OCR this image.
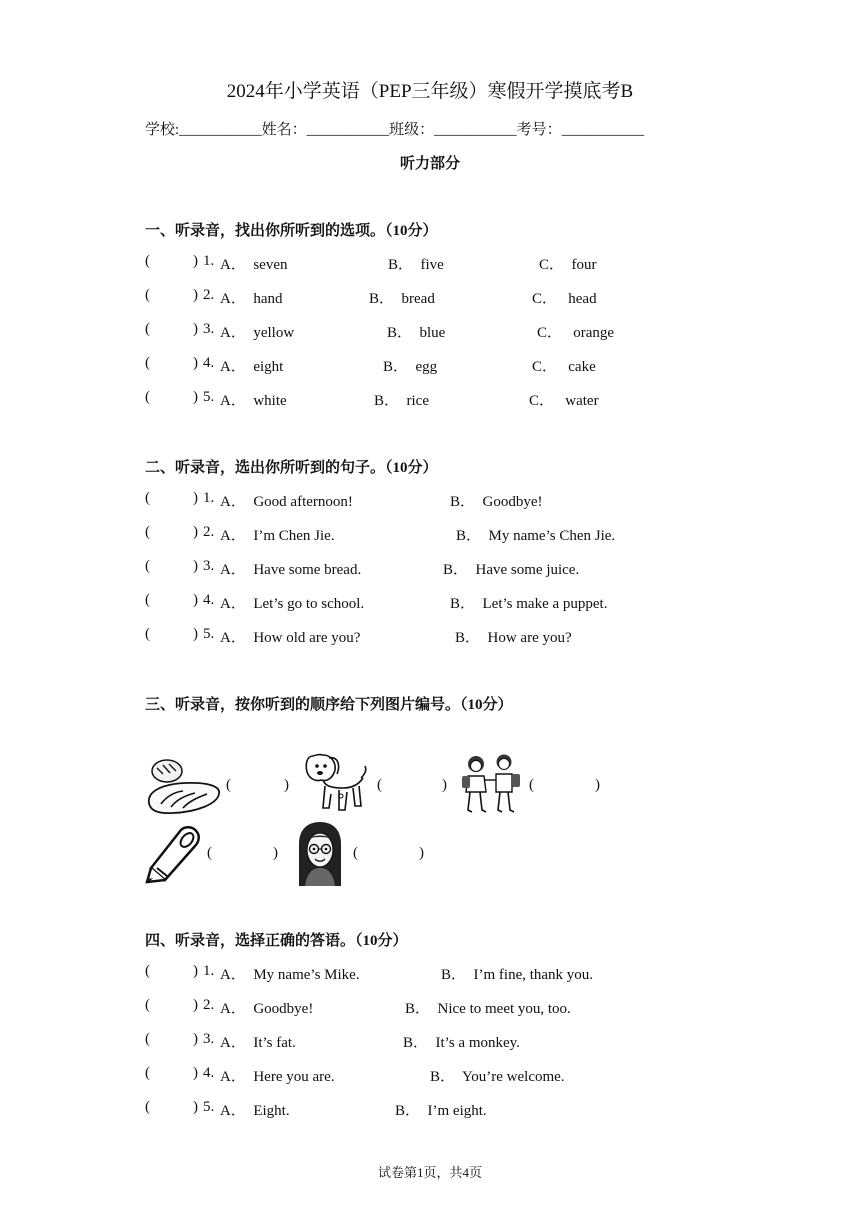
2024年小学英语（PEP三年级）寒假开学摸底考B
学校:___________姓名：___________班级：___________考号：___________
听力部分
一、听录音，找出你所听到的选项。（10分）
(	) 1. A．  seven	B．  five	C．  four
(	) 2. A．  hand	B．  bread	C．   head
(	) 3. A．  yellow	B．  blue	C．   orange
(	) 4. A．  eight	B．  egg	C．   cake
(	) 5. A．  white	B．  rice	C．   water
二、听录音，选出你所听到的句子。（10分）
(	) 1. A．  Good afternoon!	B．  Goodbye!
(	) 2. A．  I’m Chen Jie.	B．  My name’s Chen Jie.
(	) 3. A．  Have some bread.	B．  Have some juice.
(	) 4. A．  Let’s go to school.	B．  Let’s make a puppet.
(	) 5. A．  How old are you?	B．  How are you?
三、听录音，按你听到的顺序给下列图片编号。（10分）
(	)	(	)	(	)
(	)	(	)
四、听录音，选择正确的答语。（10分）
(	) 1. A．  My name’s Mike.	B．  I’m fine, thank you.
(	) 2. A．  Goodbye!	B．  Nice to meet you, too.
(	) 3. A．  It’s fat.	B．  It’s a monkey.
(	) 4. A．  Here you are.	B．  You’re welcome.
(	) 5. A．  Eight.	B．  I’m eight.
试卷第1页，共4页
